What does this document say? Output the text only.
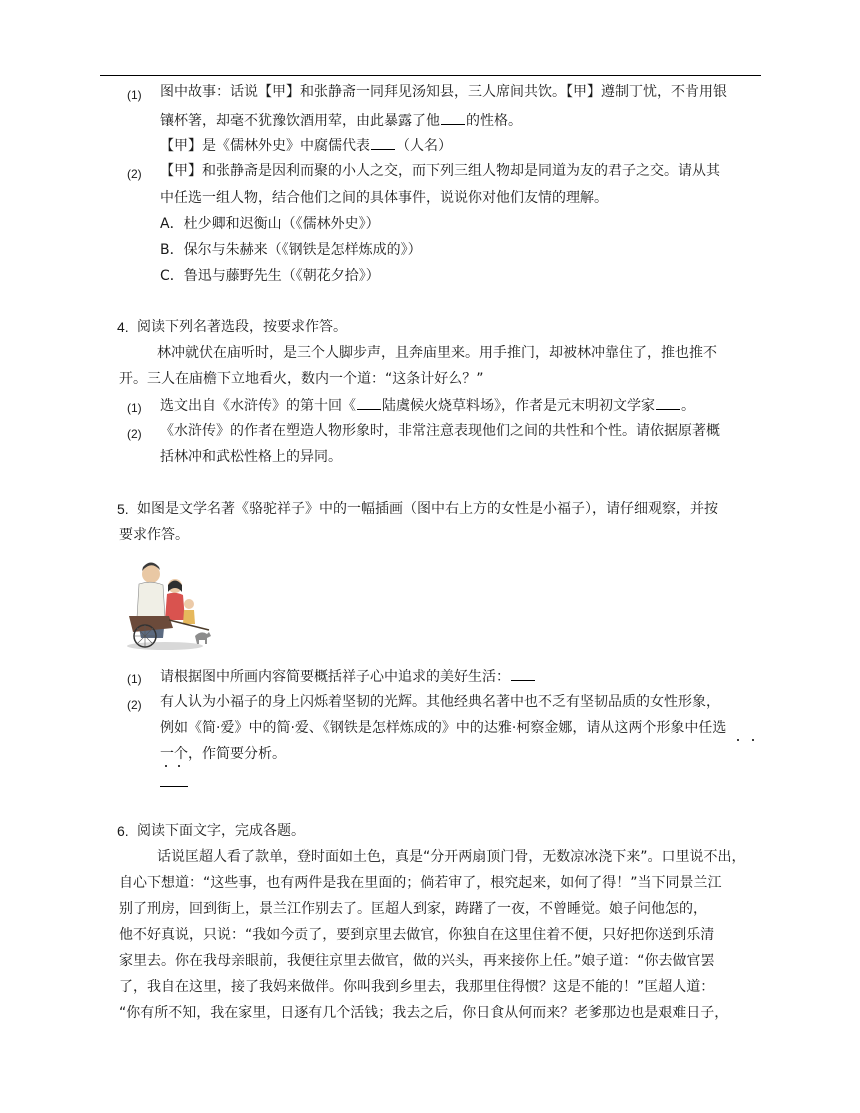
(1) 图中故事：话说【甲】和张静斋一同拜见汤知县，三人席间共饮。【甲】遵制丁忧，不肯用银
镶杯箸，却毫不犹豫饮酒用荤，由此暴露了他 的性格。
【甲】是《儒林外史》中腐儒代表 （人名）
(2) 【甲】和张静斋是因利而聚的小人之交，而下列三组人物却是同道为友的君子之交。请从其
中任选一组人物，结合他们之间的具体事件，说说你对他们友情的理解。
A．杜少卿和迟衡山（《儒林外史》）
B．保尔与朱赫来（《钢铁是怎样炼成的》）
C．鲁迅与藤野先生（《朝花夕拾》）
4. 阅读下列名著选段，按要求作答。
林冲就伏在庙听时，是三个人脚步声，且奔庙里来。用手推门，却被林冲靠住了，推也推不
开。三人在庙檐下立地看火，数内一个道：“这条计好么？”
(1) 选文出自《水浒传》的第十回《 陆虞候火烧草料场》，作者是元末明初文学家 。
(2) 《水浒传》的作者在塑造人物形象时，非常注意表现他们之间的共性和个性。请依据原著概
括林冲和武松性格上的异同。
5. 如图是文学名著《骆驼祥子》中的一幅插画（图中右上方的女性是小福子），请仔细观察，并按
要求作答。
(1) 请根据图中所画内容简要概括祥子心中追求的美好生活：
(2) 有人认为小福子的身上闪烁着坚韧的光辉。其他经典名著中也不乏有坚韧品质的女性形象，
例如《简·爱》中的简·爱、《钢铁是怎样炼成的》中的达雅·柯察金娜，请从这两个形象中任选
一个，作简要分析。
6. 阅读下面文字，完成各题。
话说匡超人看了款单，登时面如土色，真是“分开两扇顶门骨，无数凉冰浇下来”。口里说不出，
自心下想道：“这些事，也有两件是我在里面的；倘若审了，根究起来，如何了得！”当下同景兰江
别了刑房，回到街上，景兰江作别去了。匡超人到家，踌躇了一夜，不曾睡觉。娘子问他怎的，
他不好真说，只说：“我如今贡了，要到京里去做官，你独自在这里住着不便，只好把你送到乐清
家里去。你在我母亲眼前，我便往京里去做官，做的兴头，再来接你上任。”娘子道：“你去做官罢
了，我自在这里，接了我妈来做伴。你叫我到乡里去，我那里住得惯？这是不能的！”匡超人道：
“你有所不知，我在家里，日逐有几个活钱；我去之后，你日食从何而来？老爹那边也是艰难日子，
